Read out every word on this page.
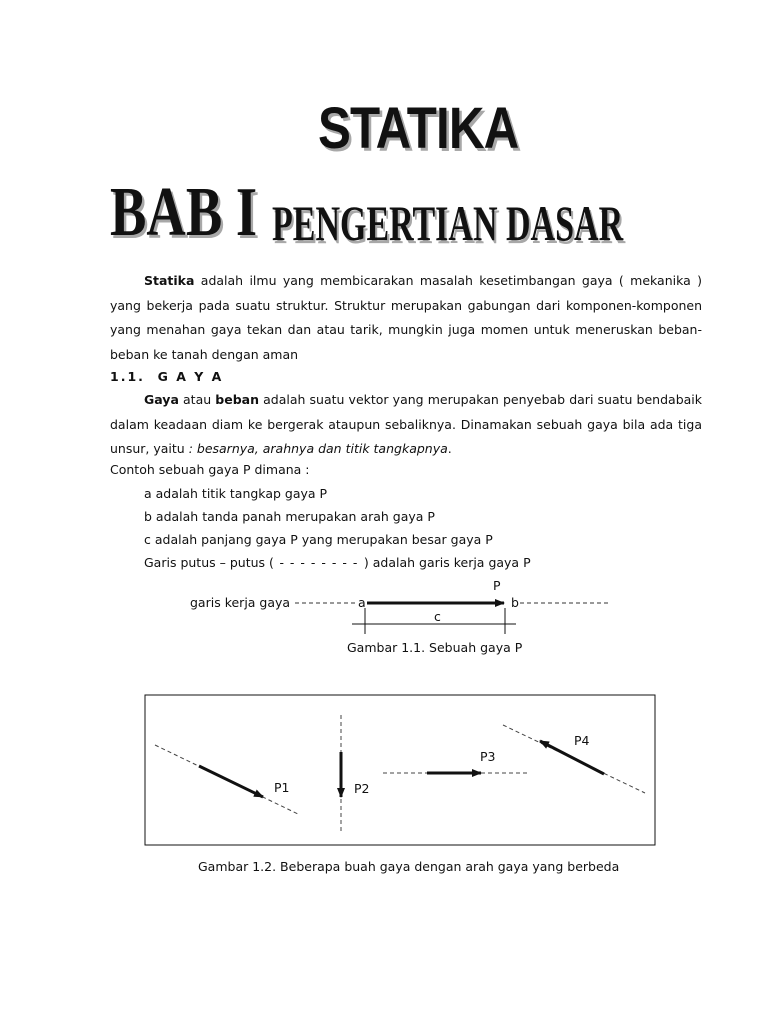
STATIKA
BAB I PENGERTIAN DASAR

Statika adalah ilmu yang membicarakan masalah kesetimbangan gaya ( mekanika ) yang bekerja pada suatu struktur. Struktur merupakan gabungan dari komponen-komponen yang menahan gaya tekan dan atau tarik, mungkin juga momen untuk meneruskan beban-beban ke tanah dengan aman

1.1. G A Y A

Gaya atau beban adalah suatu vektor yang merupakan penyebab dari suatu bendabaik dalam keadaan diam ke bergerak ataupun sebaliknya. Dinamakan sebuah gaya bila ada tiga unsur, yaitu : besarnya, arahnya dan titik tangkapnya.

Contoh sebuah gaya P dimana :
a adalah titik tangkap gaya P
b adalah tanda panah merupakan arah gaya P
c adalah panjang gaya P yang merupakan besar gaya P
Garis putus – putus ( - - - - - - - - ) adalah garis kerja gaya P
garis kerja gaya	a
P
b
c
Gambar 1.1. Sebuah gaya P
P1	P2
P3
P4
Gambar 1.2. Beberapa buah gaya dengan arah gaya yang berbeda
